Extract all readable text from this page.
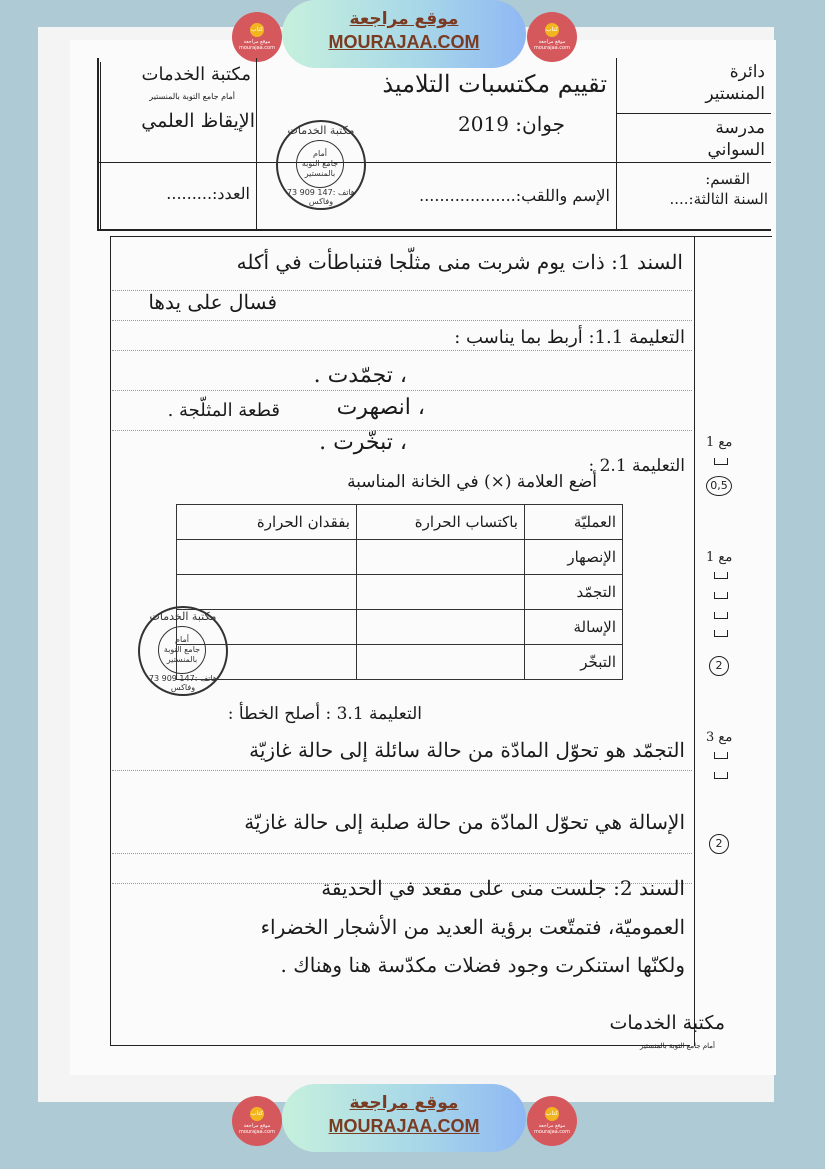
كتاب
موقع مراجعة mourajaa.com
موقع مراجعة
MOURAJAA.COM
كتاب
موقع مراجعة mourajaa.com
دائرة
المنستير
مدرسة
السواني
القسم:
السنة الثالثة:....
تقييم مكتسبات التلاميذ
جوان: 2019
الإسم واللقب:...................
مكتبة الخدمات
أمام جامع التوبة بالمنستير
الإيقاظ العلمي
العدد:.........
مكتبة الخدمات
أمام
جامع التوبة
بالمنستير
73 909 147: هاتف وفاكس
السند 1: ذات يوم شربت منى مثلّجا فتنباطأت في أكله
فسال على يدها
التعليمة 1.1: أربط بما يناسب :
، تجمّدت .
قطعة المثلّجة .	، انصهرت
، تبخّرت .
التعليمة 2.1 :
أضع العلامة (×) في الخانة المناسبة
العمليّة	باكتساب الحرارة	بفقدان الحرارة
الإنصهار		
التجمّد		
الإسالة		
التبخّر		
مكتبة الخدمات
أمام
جامع التوبة
بالمنستير
73 909 147: هاتف وفاكس
التعليمة 3.1 : أصلح الخطأ :
التجمّد هو تحوّل المادّة من حالة سائلة إلى حالة غازيّة
الإسالة هي تحوّل المادّة من حالة صلبة إلى حالة غازيّة
السند 2: جلست منى على مقعد في الحديقة
العموميّة، فتمتّعت برؤية العديد من الأشجار الخضراء
ولكنّها استنكرت وجود فضلات مكدّسة هنا وهناك .
مكتبة الخدمات
أمام جامع التوبة بالمنستير
مع 1
0,5
مع 1
2
مع 3
2
كتاب
موقع مراجعة mourajaa.com
موقع مراجعة
MOURAJAA.COM
كتاب
موقع مراجعة mourajaa.com
